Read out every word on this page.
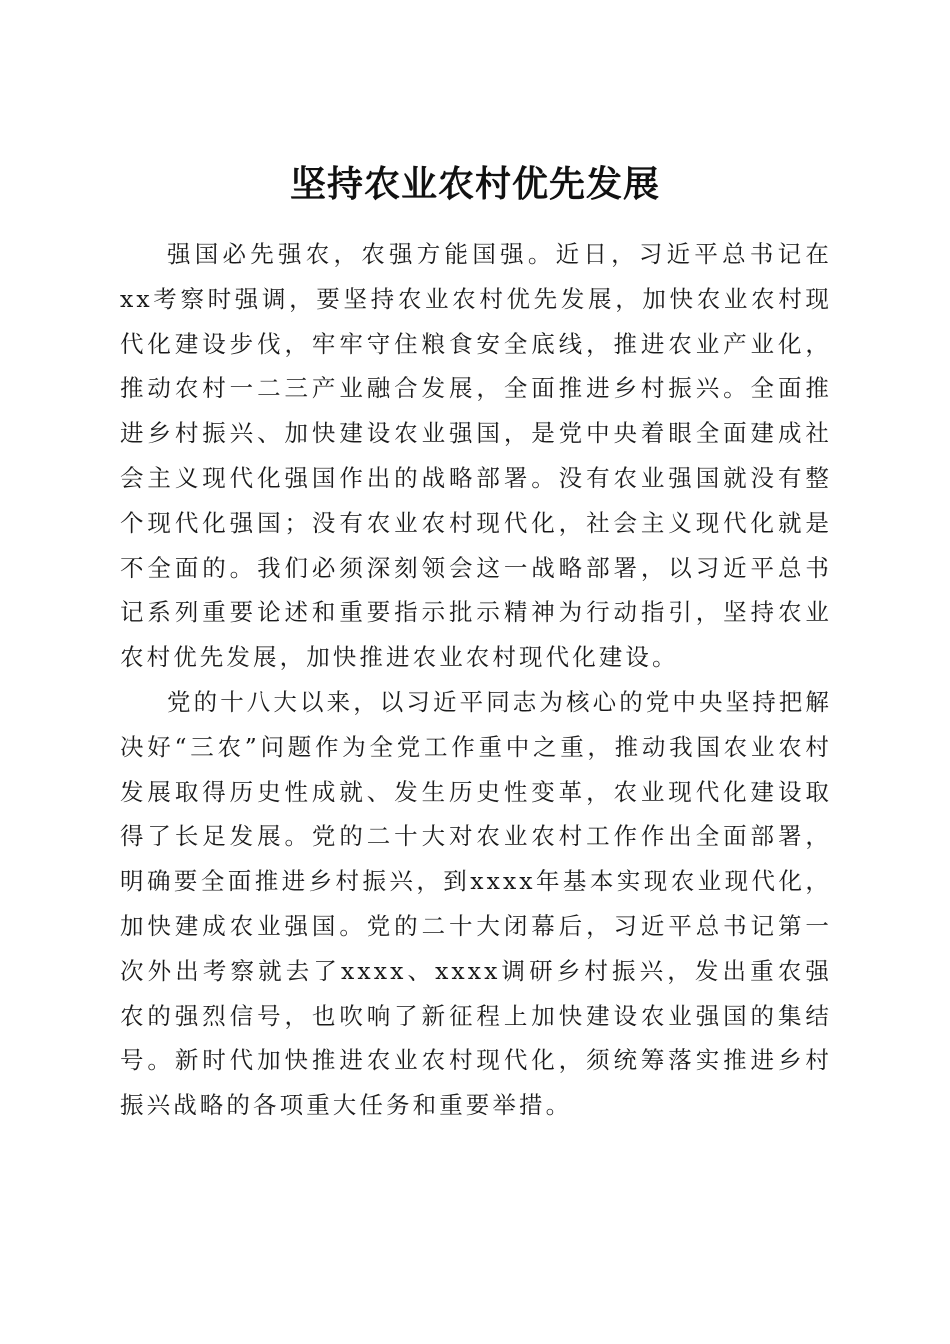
坚持农业农村优先发展

强国必先强农，农强方能国强。近日，习近平总书记在xx考察时强调，要坚持农业农村优先发展，加快农业农村现代化建设步伐，牢牢守住粮食安全底线，推进农业产业化，推动农村一二三产业融合发展，全面推进乡村振兴。全面推进乡村振兴、加快建设农业强国，是党中央着眼全面建成社会主义现代化强国作出的战略部署。没有农业强国就没有整个现代化强国；没有农业农村现代化，社会主义现代化就是不全面的。我们必须深刻领会这一战略部署，以习近平总书记系列重要论述和重要指示批示精神为行动指引，坚持农业农村优先发展，加快推进农业农村现代化建设。

党的十八大以来，以习近平同志为核心的党中央坚持把解决好“三农”问题作为全党工作重中之重，推动我国农业农村发展取得历史性成就、发生历史性变革，农业现代化建设取得了长足发展。党的二十大对农业农村工作作出全面部署，明确要全面推进乡村振兴，到xxxx年基本实现农业现代化，加快建成农业强国。党的二十大闭幕后，习近平总书记第一次外出考察就去了xxxx、xxxx调研乡村振兴，发出重农强农的强烈信号，也吹响了新征程上加快建设农业强国的集结号。新时代加快推进农业农村现代化，须统筹落实推进乡村振兴战略的各项重大任务和重要举措。
